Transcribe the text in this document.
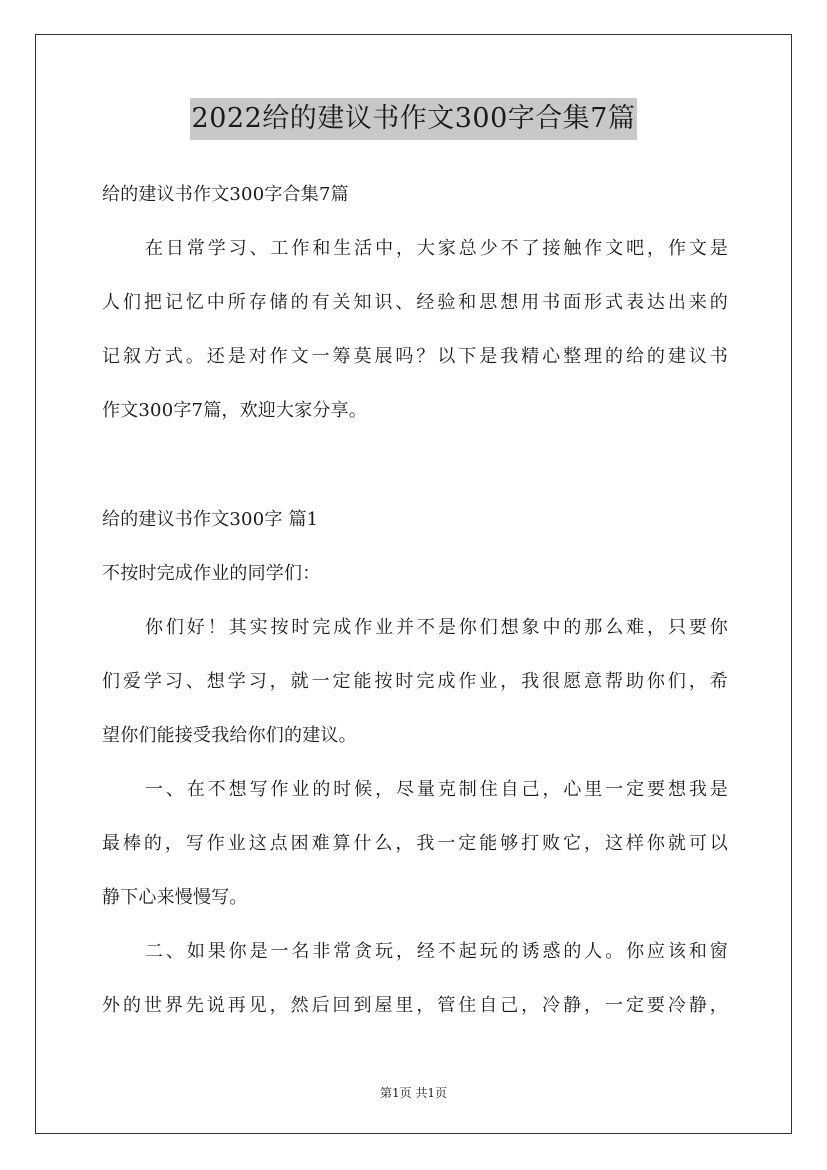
2022给的建议书作文300字合集7篇
给的建议书作文300字合集7篇
在日常学习、工作和生活中，大家总少不了接触作文吧，作文是
人们把记忆中所存储的有关知识、经验和思想用书面形式表达出来的
记叙方式。还是对作文一筹莫展吗？以下是我精心整理的给的建议书
作文300字7篇，欢迎大家分享。
给的建议书作文300字 篇1
不按时完成作业的同学们：
你们好！其实按时完成作业并不是你们想象中的那么难，只要你
们爱学习、想学习，就一定能按时完成作业，我很愿意帮助你们，希
望你们能接受我给你们的建议。
一、在不想写作业的时候，尽量克制住自己，心里一定要想我是
最棒的，写作业这点困难算什么，我一定能够打败它，这样你就可以
静下心来慢慢写。
二、如果你是一名非常贪玩，经不起玩的诱惑的人。你应该和窗
外的世界先说再见，然后回到屋里，管住自己，冷静，一定要冷静，
第1页 共1页
